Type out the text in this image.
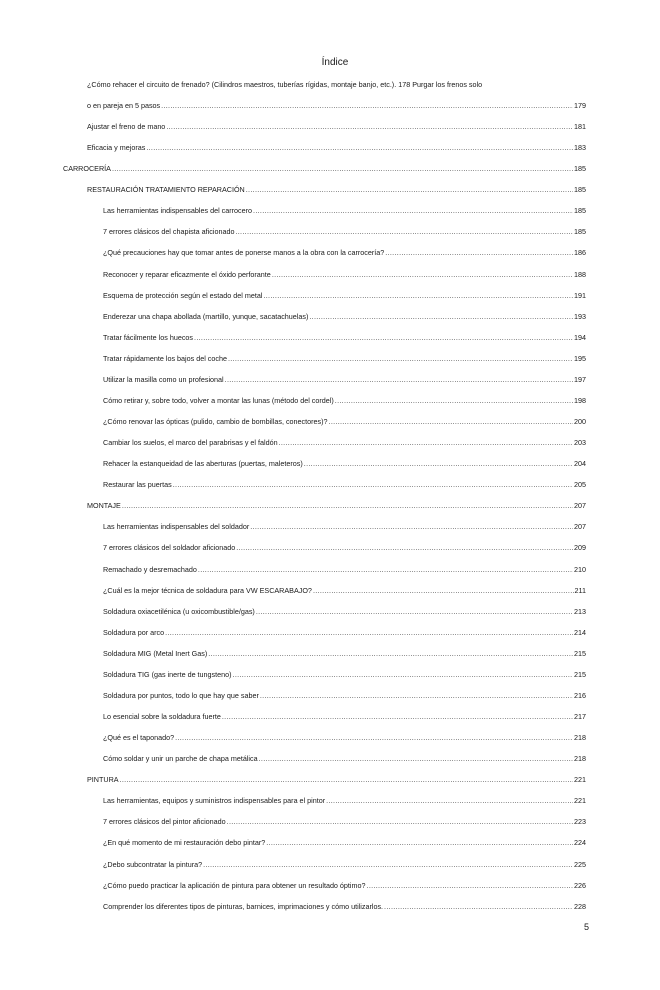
Índice
¿Cómo rehacer el circuito de frenado? (Cilindros maestros, tuberías rígidas, montaje banjo, etc.). 178 Purgar los frenos solo
o en pareja en 5 pasos .....	179
Ajustar el freno de mano .....	181
Eficacia y mejoras .....	183
CARROCERÍA .....	185
RESTAURACIÓN TRATAMIENTO REPARACIÓN .....	185
Las herramientas indispensables del carrocero .....	185
7 errores clásicos del chapista aficionado .....	185
¿Qué precauciones hay que tomar antes de ponerse manos a la obra con la carrocería? .....	186
Reconocer y reparar eficazmente el óxido perforante .....	188
Esquema de protección según el estado del metal .....	191
Enderezar una chapa abollada (martillo, yunque, sacatachuelas) .....	193
Tratar fácilmente los huecos .....	194
Tratar rápidamente los bajos del coche .....	195
Utilizar la masilla como un profesional .....	197
Cómo retirar y, sobre todo, volver a montar las lunas (método del cordel) .....	198
¿Cómo renovar las ópticas (pulido, cambio de bombillas, conectores)? .....	200
Cambiar los suelos, el marco del parabrisas y el faldón .....	203
Rehacer la estanqueidad de las aberturas (puertas, maleteros) .....	204
Restaurar las puertas .....	205
MONTAJE .....	207
Las herramientas indispensables del soldador .....	207
7 errores clásicos del soldador aficionado .....	209
Remachado y desremachado .....	210
¿Cuál es la mejor técnica de soldadura para VW ESCARABAJO? .....	211
Soldadura oxiacetilénica (u oxicombustible/gas) .....	213
Soldadura por arco .....	214
Soldadura MIG (Metal Inert Gas) .....	215
Soldadura TIG (gas inerte de tungsteno) .....	215
Soldadura por puntos, todo lo que hay que saber .....	216
Lo esencial sobre la soldadura fuerte .....	217
¿Qué es el taponado? .....	218
Cómo soldar y unir un parche de chapa metálica .....	218
PINTURA .....	221
Las herramientas, equipos y suministros indispensables para el pintor .....	221
7 errores clásicos del pintor aficionado .....	223
¿En qué momento de mi restauración debo pintar? .....	224
¿Debo subcontratar la pintura? .....	225
¿Cómo puedo practicar la aplicación de pintura para obtener un resultado óptimo? .....	226
Comprender los diferentes tipos de pinturas, barnices, imprimaciones y cómo utilizarlos. .....	228
5
